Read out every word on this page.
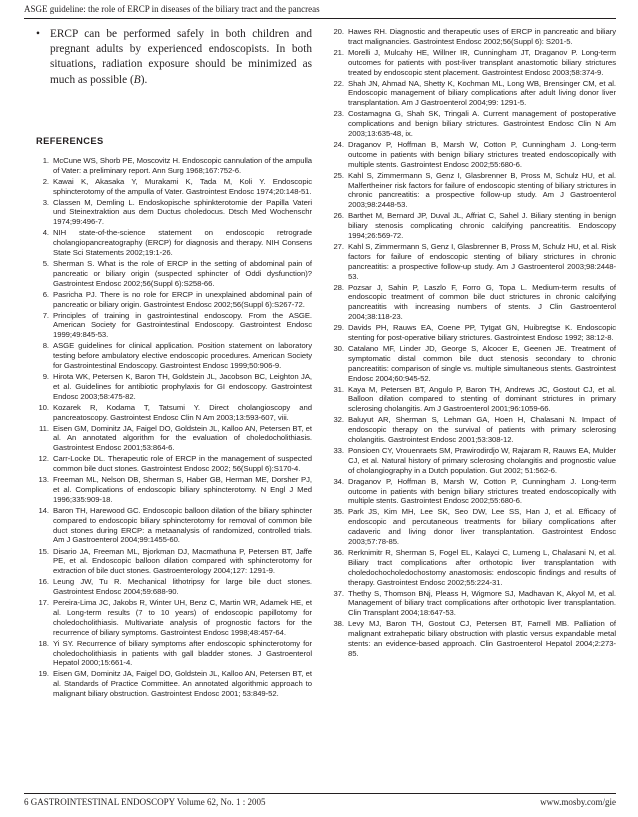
ASGE guideline: the role of ERCP in diseases of the biliary tract and the pancreas
• ERCP can be performed safely in both children and pregnant adults by experienced endoscopists. In both situations, radiation exposure should be minimized as much as possible (B).
REFERENCES
1. McCune WS, Shorb PE, Moscovitz H. Endoscopic cannulation of the ampulla of Vater: a preliminary report. Ann Surg 1968;167:752-6.
2. Kawai K, Akasaka Y, Murakami K, Tada M, Koli Y. Endoscopic sphincterotomy of the ampulla of Vater. Gastrointest Endosc 1974;20:148-51.
3. Classen M, Demling L. Endoskopische sphinkterotomie der Papilla Vateri und Steinextraktion aus dem Ductus choledocus. Dtsch Med Wochenschr 1974;99:496-7.
4. NIH state-of-the-science statement on endoscopic retrograde cholangiopancreatography (ERCP) for diagnosis and therapy. NIH Consens State Sci Statements 2002;19:1-26.
5. Sherman S. What is the role of ERCP in the setting of abdominal pain of pancreatic or biliary origin (suspected sphincter of Oddi dysfunction)? Gastrointest Endosc 2002;56(Suppl 6):S258-66.
6. Pasricha PJ. There is no role for ERCP in unexplained abdominal pain of pancreatic or biliary origin. Gastrointest Endosc 2002;56(Suppl 6):S267-72.
7. Principles of training in gastrointestinal endoscopy. From the ASGE. American Society for Gastrointestinal Endoscopy. Gastrointest Endosc 1999;49:845-53.
8. ASGE guidelines for clinical application. Position statement on laboratory testing before ambulatory elective endoscopic procedures. American Society for Gastrointestinal Endoscopy. Gastrointest Endosc 1999;50:906-9.
9. Hirota WK, Petersen K, Baron TH, Goldstein JL, Jacobson BC, Leighton JA, et al. Guidelines for antibiotic prophylaxis for GI endoscopy. Gastrointest Endosc 2003;58:475-82.
10. Kozarek R, Kodama T, Tatsumi Y. Direct cholangioscopy and pancreatoscopy. Gastrointest Endosc Clin N Am 2003;13:593-607, viii.
11. Eisen GM, Dominitz JA, Faigel DO, Goldstein JL, Kalloo AN, Petersen BT, et al. An annotated algorithm for the evaluation of choledocholithiasis. Gastrointest Endosc 2001;53:864-6.
12. Carr-Locke DL. Therapeutic role of ERCP in the management of suspected common bile duct stones. Gastrointest Endosc 2002; 56(Suppl 6):S170-4.
13. Freeman ML, Nelson DB, Sherman S, Haber GB, Herman ME, Dorsher PJ, et al. Complications of endoscopic biliary sphincterotomy. N Engl J Med 1996;335:909-18.
14. Baron TH, Harewood GC. Endoscopic balloon dilation of the biliary sphincter compared to endoscopic biliary sphincterotomy for removal of common bile duct stones during ERCP: a metaanalysis of randomized, controlled trials. Am J Gastroenterol 2004;99:1455-60.
15. Disario JA, Freeman ML, Bjorkman DJ, Macmathuna P, Petersen BT, Jaffe PE, et al. Endoscopic balloon dilation compared with sphincterotomy for extraction of bile duct stones. Gastroenterology 2004;127: 1291-9.
16. Leung JW, Tu R. Mechanical lithotripsy for large bile duct stones. Gastrointest Endosc 2004;59:688-90.
17. Pereira-Lima JC, Jakobs R, Winter UH, Benz C, Martin WR, Adamek HE, et al. Long-term results (7 to 10 years) of endoscopic papillotomy for choledocholithiasis. Multivariate analysis of prognostic factors for the recurrence of biliary symptoms. Gastrointest Endosc 1998;48:457-64.
18. Yi SY. Recurrence of biliary symptoms after endoscopic sphincterotomy for choledocholithiasis in patients with gall bladder stones. J Gastroenterol Hepatol 2000;15:661-4.
19. Eisen GM, Dominitz JA, Faigel DO, Goldstein JL, Kalloo AN, Petersen BT, et al. Standards of Practice Committee. An annotated algorithmic approach to malignant biliary obstruction. Gastrointest Endosc 2001; 53:849-52.
20. Hawes RH. Diagnostic and therapeutic uses of ERCP in pancreatic and biliary tract malignancies. Gastrointest Endosc 2002;56(Suppl 6): S201-5.
21. Morelli J, Mulcahy HE, Willner IR, Cunningham JT, Draganov P. Long-term outcomes for patients with post-liver transplant anastomotic biliary strictures treated by endoscopic stent placement. Gastrointest Endosc 2003;58:374-9.
22. Shah JN, Ahmad NA, Shetty K, Kochman ML, Long WB, Brensinger CM, et al. Endoscopic management of biliary complications after adult living donor liver transplantation. Am J Gastroenterol 2004;99: 1291-5.
23. Costamagna G, Shah SK, Tringali A. Current management of postoperative complications and benign biliary strictures. Gastrointest Endosc Clin N Am 2003;13:635-48, ix.
24. Draganov P, Hoffman B, Marsh W, Cotton P, Cunningham J. Long-term outcome in patients with benign biliary strictures treated endoscopically with multiple stents. Gastrointest Endosc 2002;55:680-6.
25. Kahl S, Zimmermann S, Genz I, Glasbrenner B, Pross M, Schulz HU, et al. Malfertheiner risk factors for failure of endoscopic stenting of biliary strictures in chronic pancreatitis: a prospective follow-up study. Am J Gastroenterol 2003;98:2448-53.
26. Barthet M, Bernard JP, Duval JL, Affriat C, Sahel J. Biliary stenting in benign biliary stenosis complicating chronic calcifying pancreatitis. Endoscopy 1994;26:569-72.
27. Kahl S, Zimmermann S, Genz I, Glasbrenner B, Pross M, Schulz HU, et al. Risk factors for failure of endoscopic stenting of biliary strictures in chronic pancreatitis: a prospective follow-up study. Am J Gastroenterol 2003;98:2448-53.
28. Pozsar J, Sahin P, Laszlo F, Forro G, Topa L. Medium-term results of endoscopic treatment of common bile duct strictures in chronic calcifying pancreatitis with increasing numbers of stents. J Clin Gastroenterol 2004;38:118-23.
29. Davids PH, Rauws EA, Coene PP, Tytgat GN, Huibregtse K. Endoscopic stenting for post-operative biliary strictures. Gastrointest Endosc 1992; 38:12-8.
30. Catalano MF, Linder JD, George S, Alcocer E, Geenen JE. Treatment of symptomatic distal common bile duct stenosis secondary to chronic pancreatitis: comparison of single vs. multiple simultaneous stents. Gastrointest Endosc 2004;60:945-52.
31. Kaya M, Petersen BT, Angulo P, Baron TH, Andrews JC, Gostout CJ, et al. Balloon dilation compared to stenting of dominant strictures in primary sclerosing cholangitis. Am J Gastroenterol 2001;96:1059-66.
32. Baluyut AR, Sherman S, Lehman GA, Hoen H, Chalasani N. Impact of endoscopic therapy on the survival of patients with primary sclerosing cholangitis. Gastrointest Endosc 2001;53:308-12.
33. Ponsioen CY, Vrouenraets SM, Prawirodirdjo W, Rajaram R, Rauws EA, Mulder CJ, et al. Natural history of primary sclerosing cholangitis and prognostic value of cholangiography in a Dutch population. Gut 2002; 51:562-6.
34. Draganov P, Hoffman B, Marsh W, Cotton P, Cunningham J. Long-term outcome in patients with benign biliary strictures treated endoscopically with multiple stents. Gastrointest Endosc 2002;55:680-6.
35. Park JS, Kim MH, Lee SK, Seo DW, Lee SS, Han J, et al. Efficacy of endoscopic and percutaneous treatments for biliary complications after cadaveric and living donor liver transplantation. Gastrointest Endosc 2003;57:78-85.
36. Rerknimitr R, Sherman S, Fogel EL, Kalayci C, Lumeng L, Chalasani N, et al. Biliary tract complications after orthotopic liver transplantation with choledochocholedochostomy anastomosis: endoscopic findings and results of therapy. Gastrointest Endosc 2002;55:224-31.
37. Thethy S, Thomson BNj, Pleass H, Wigmore SJ, Madhavan K, Akyol M, et al. Management of biliary tract complications after orthotopic liver transplantation. Clin Transplant 2004;18:647-53.
38. Levy MJ, Baron TH, Gostout CJ, Petersen BT, Farnell MB. Palliation of malignant extrahepatic biliary obstruction with plastic versus expandable metal stents: an evidence-based approach. Clin Gastroenterol Hepatol 2004;2:273-85.
6 GASTROINTESTINAL ENDOSCOPY Volume 62, No. 1 : 2005	www.mosby.com/gie
